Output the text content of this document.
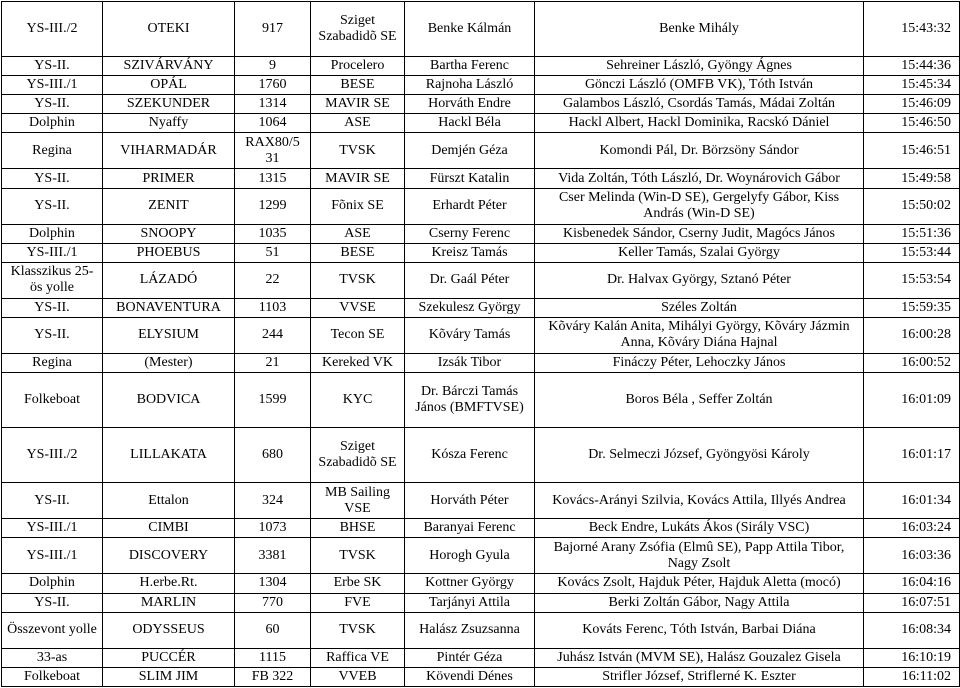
YS-III./2	OTEKI	917	Sziget Szabadidõ SE	Benke Kálmán	Benke Mihály	15:43:32
YS-II.	SZIVÁRVÁNY	9	Procelero	Bartha Ferenc	Sehreiner László, Gyöngy Ágnes	15:44:36
YS-III./1	OPÁL	1760	BESE	Rajnoha László	Gönczi László (OMFB VK), Tóth István	15:45:34
YS-II.	SZEKUNDER	1314	MAVIR SE	Horváth Endre	Galambos László, Csordás Tamás, Mádai Zoltán	15:46:09
Dolphin	Nyaffy	1064	ASE	Hackl Béla	Hackl Albert, Hackl Dominika, Racskó Dániel	15:46:50
Regina	VIHARMADÁR	RAX80/5 31	TVSK	Demjén Géza	Komondi Pál, Dr. Börzsöny Sándor	15:46:51
YS-II.	PRIMER	1315	MAVIR SE	Fürszt Katalin	Vida Zoltán, Tóth László, Dr. Woynárovich Gábor	15:49:58
YS-II.	ZENIT	1299	Fõnix SE	Erhardt Péter	Cser Melinda (Win-D SE), Gergelyfy Gábor, Kiss András (Win-D SE)	15:50:02
Dolphin	SNOOPY	1035	ASE	Cserny Ferenc	Kisbenedek Sándor, Cserny Judit, Magócs János	15:51:36
YS-III./1	PHOEBUS	51	BESE	Kreisz Tamás	Keller Tamás, Szalai György	15:53:44
Klasszikus 25-ös yolle	LÁZADÓ	22	TVSK	Dr. Gaál Péter	Dr. Halvax György, Sztanó Péter	15:53:54
YS-II.	BONAVENTURA	1103	VVSE	Szekulesz György	Széles Zoltán	15:59:35
YS-II.	ELYSIUM	244	Tecon SE	Kõváry Tamás	Kõváry Kalán Anita, Mihályi György, Kõváry Jázmin Anna, Kõváry Diána Hajnal	16:00:28
Regina	(Mester)	21	Kereked VK	Izsák Tibor	Fináczy Péter, Lehoczky János	16:00:52
Folkeboat	BODVICA	1599	KYC	Dr. Bárczi Tamás János (BMFTVSE)	Boros Béla , Seffer Zoltán	16:01:09
YS-III./2	LILLAKATA	680	Sziget Szabadidõ SE	Kósza Ferenc	Dr. Selmeczi József, Gyöngyösi Károly	16:01:17
YS-II.	Ettalon	324	MB Sailing VSE	Horváth Péter	Kovács-Arányi Szilvia, Kovács Attila, Illyés Andrea	16:01:34
YS-III./1	CIMBI	1073	BHSE	Baranyai Ferenc	Beck Endre, Lukáts Ákos (Sirály VSC)	16:03:24
YS-III./1	DISCOVERY	3381	TVSK	Horogh Gyula	Bajorné Arany Zsófia (Elmû SE), Papp Attila Tibor, Nagy Zsolt	16:03:36
Dolphin	H.erbe.Rt.	1304	Erbe SK	Kottner György	Kovács Zsolt, Hajduk Péter, Hajduk Aletta (mocó)	16:04:16
YS-II.	MARLIN	770	FVE	Tarjányi Attila	Berki Zoltán Gábor, Nagy Attila	16:07:51
Összevont yolle	ODYSSEUS	60	TVSK	Halász Zsuzsanna	Kováts Ferenc, Tóth István, Barbai Diána	16:08:34
33-as	PUCCÉR	1115	Raffica VE	Pintér Géza	Juhász István (MVM SE), Halász Gouzalez Gisela	16:10:19
Folkeboat	SLIM JIM	FB 322	VVEB	Kövendi Dénes	Strifler József, Striflerné K. Eszter	16:11:02
